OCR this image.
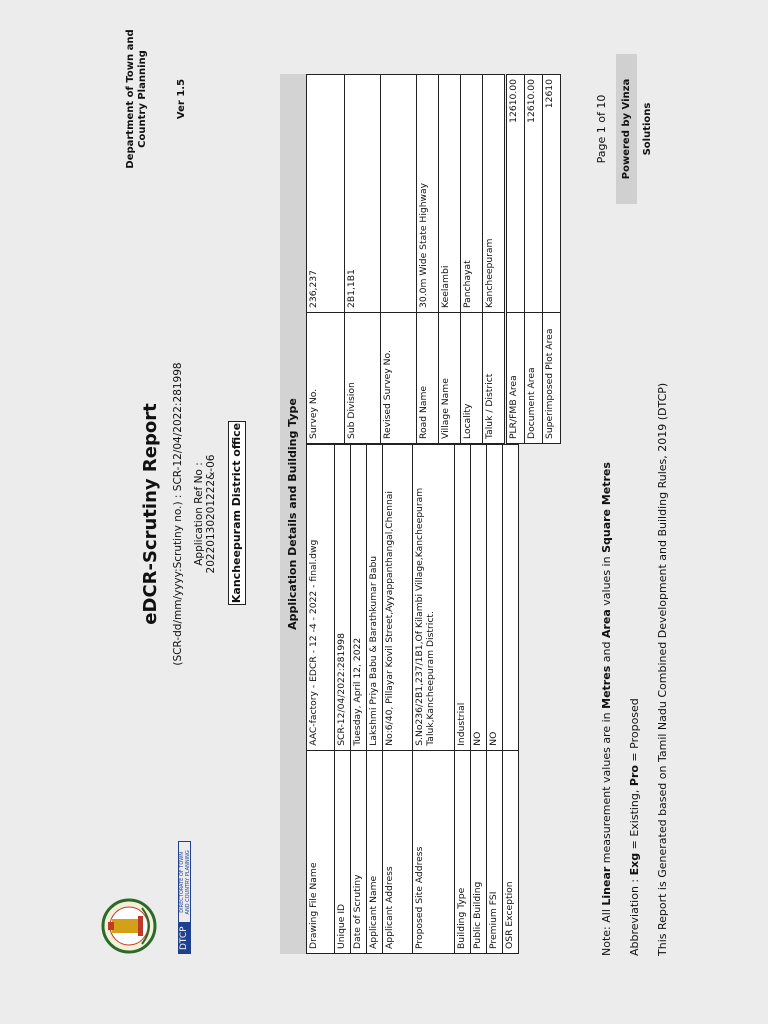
DTCP
DIRECTORATE OF TOWN AND COUNTRY PLANNING
eDCR-Scrutiny Report (SCR-dd/mm/yyyy:Scrutiny no.) : SCR-12/04/2022:281998 Application Ref No : 20220130201222&-06 Kancheepuram District office
Department of Town and Country Planning	Ver 1.5
Application Details and Building Type
Drawing File Name	AAC-factory - EDCR - 12 -4 - 2022 - final.dwg
Unique ID	SCR-12/04/2022:281998
Date of Scrutiny	Tuesday, April 12, 2022
Applicant Name	Lakshmi Priya Babu & Barathkumar Babu
Applicant Address	No:6/40, Pillayar Kovil Street,Ayyappanthangal,Chennai
Proposed Site Address	S.No236/2B1,237/1B1,Of Kilambi Village,Kancheepuram Taluk,Kancheepuram District.
Building Type	Industrial
Public Building	NO
Premium FSI	NO
OSR Exception	
Survey No.	236,237
Sub Division	2B1,1B1
Revised Survey No.	
Road Name	30.0m Wide State Highway
Village Name	Keelambi
Locality	Panchayat
Taluk / District	Kancheepuram
PLR/FMB Area	12610.00
Document Area	12610.00
Superimposed Plot Area	12610
Note: All Linear measurement values are in Metres and Area values in Square Metres
Abbreviation : Exg = Existing, Pro = Proposed This Report is Generated based on Tamil Nadu Combined Development and Building Rules, 2019 (DTCP)
Page 1 of 10	Powered by Vinza Solutions
